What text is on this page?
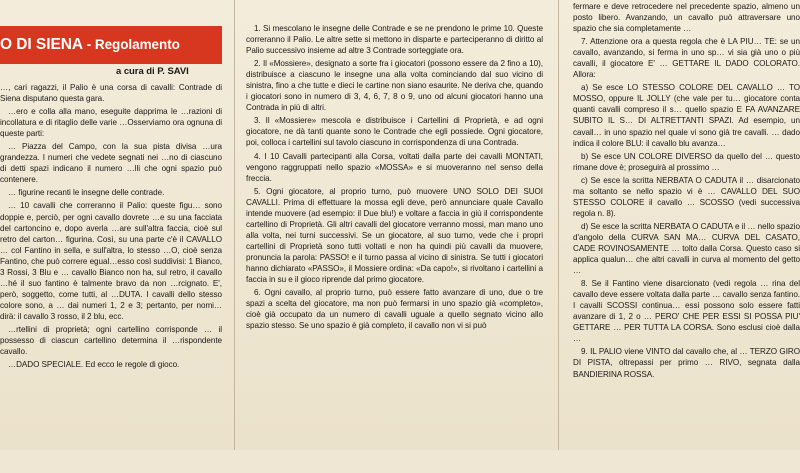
O DI SIENA - Regolamento
a cura di P. SAVI

…, cari ragazzi, il Palio è una corsa di cavalli: Contrade di Siena disputano questa gara.

…ero e colla alla mano, eseguite dapprima le …razioni di incollatura e di ritaglio delle varie …Osserviamo ora ognuna di queste parti:

… Piazza del Campo, con la sua pista divisa …ura grandezza. I numeri che vedete segnati nei …no di ciascuno di detti spazi indicano il numero …lli che ogni spazio può contenere.

… figurine recanti le insegne delle contrade.

… 10 cavalli che correranno il Palio: queste figu… sono doppie e, perciò, per ogni cavallo dovrete …e su una facciata del cartoncino e, dopo averla …are sull'altra faccia, cioè sul retro del carton… figurina. Così, su una parte c'è il CAVALLO … col Fantino in sella, e sull'altra, lo stesso …O, cioè senza Fantino, che può correre egual…esso così suddivisi: 1 Bianco, 3 Rossi, 3 Blu e … cavallo Bianco non ha, sul retro, il cavallo …hé il suo fantino è talmente bravo da non …rcignato. E', però, soggetto, come tutti, al …DUTA. I cavalli dello stesso colore sono, a … dai numeri 1, 2 e 3; pertanto, per nomi… dirà: il cavallo 3 rosso, il 2 blu, ecc.

…rtellini di proprietà; ogni cartellino corrisponde … il possesso di ciascun cartellino determina il …rispondente cavallo.

…DADO SPECIALE. Ed ecco le regole di gioco.

1. Si mescolano le insegne delle Contrade e se ne prendono le prime 10. Queste correranno il Palio. Le altre sette si mettono in disparte e parteciperanno di diritto al Palio successivo insieme ad altre 3 Contrade sorteggiate ora.

2. Il «Mossiere», designato a sorte fra i giocatori (possono essere da 2 fino a 10), distribuisce a ciascuno le insegne una alla volta cominciando dal suo vicino di sinistra, fino a che tutte e dieci le cartine non siano esaurite. Ne deriva che, quando i giocatori sono in numero di 3, 4, 6, 7, 8 o 9, uno od alcuni giocatori hanno una Contrada in più di altri.

3. Il «Mossiere» mescola e distribuisce i Cartellini di Proprietà, e ad ogni giocatore, ne dà tanti quante sono le Contrade che egli possiede. Ogni giocatore, poi, colloca i cartellini sul tavolo ciascuno in corrispondenza di una Contrada.

4. I 10 Cavalli partecipanti alla Corsa, voltati dalla parte dei cavalli MONTATI, vengono raggruppati nello spazio «MOSSA» e si muoveranno nel senso della freccia.

5. Ogni giocatore, al proprio turno, può muovere UNO SOLO DEI SUOI CAVALLI. Prima di effettuare la mossa egli deve, però annunciare quale Cavallo intende muovere (ad esempio: il Due blu!) e voltare a faccia in giù il corrispondente cartellino di Proprietà. Gli altri cavalli del giocatore verranno mossi, man mano uno alla volta, nei turni successivi. Se un giocatore, al suo turno, vede che i propri cartellini di Proprietà sono tutti voltati e non ha quindi più cavalli da muovere, pronuncia la parola: PASSO! e il turno passa al vicino di sinistra. Se tutti i giocatori hanno dichiarato «PASSO», il Mossiere ordina: «Da capo!», si rivoltano i cartellini a faccia in su e il gioco riprende dal primo giocatore.

6. Ogni cavallo, al proprio turno, può essere fatto avanzare di uno, due o tre spazi a scelta del giocatore, ma non può fermarsi in uno spazio già «completo», cioè già occupato da un numero di cavalli uguale a quello segnato vicino allo spazio stesso. Se uno spazio è già completo, il cavallo non vi si può

fermare e deve retrocedere nel precedente spazio, almeno un posto libero. Avanzando, un cavallo può attraversare uno spazio che sia completamente …

7. Attenzione ora a questa regola che è LA PIU… TE: se un cavallo, avanzando, si ferma in uno sp… vi sia già uno o più cavalli, il giocatore E' … GETTARE IL DADO COLORATO. Allora:

a) Se esce LO STESSO COLORE DEL CAVALLO … TO MOSSO, oppure IL JOLLY (che vale per tu… giocatore conta quanti cavalli compreso il s… quello spazio E FA AVANZARE SUBITO IL S… DI ALTRETTANTI SPAZI. Ad esempio, un cavall… in uno spazio nel quale vi sono già tre cavalli. … dado indica il colore BLU: il cavallo blu avanza…

b) Se esce UN COLORE DIVERSO da quello del … questo rimane dove è; proseguirà al prossimo …

c) Se esce la scritta NERBATA O CADUTA il … disarcionato ma soltanto se nello spazio vi è … CAVALLO DEL SUO STESSO COLORE il cavallo … SCOSSO (vedi successiva regola n. 8).

d) Se esce la scritta NERBATA O CADUTA e il … nello spazio d'angolo della CURVA SAN MA… CURVA DEL CASATO, CADE ROVINOSAMENTE … tolto dalla Corsa. Questo caso si applica qualun… che altri cavalli in curva al momento del getto …

8. Se il Fantino viene disarcionato (vedi regola … rina del cavallo deve essere voltata dalla parte … cavallo senza fantino. I cavalli SCOSSI continua… essi possono solo essere fatti avanzare di 1, 2 o … PERO' CHE PER ESSI SI POSSA PIU' GETTARE … PER TUTTA LA CORSA. Sono esclusi cioè dalla …

9. IL PALIO viene VINTO dal cavallo che, al … TERZO GIRO DI PISTA, oltrepassi per primo … RIVO, segnata dalla BANDIERINA ROSSA.
